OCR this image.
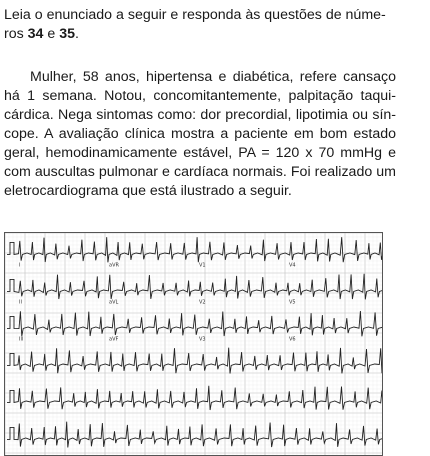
Leia o enunciado a seguir e responda às questões de núme-
ros 34 e 35.

Mulher, 58 anos, hipertensa e diabética, refere cansaço há 1 semana. Notou, concomitantemente, palpitação taqui- cárdica. Nega sintomas como: dor precordial, lipotimia ou sín- cope. A avaliação clínica mostra a paciente em bom estado geral, hemodinamicamente estável, PA = 120 x 70 mmHg e com auscultas pulmonar e cardíaca normais. Foi realizado um eletrocardiograma que está ilustrado a seguir.

I	aVR	V1
II	aVL	V2
III	aVF	V3
V4
V5
V6
